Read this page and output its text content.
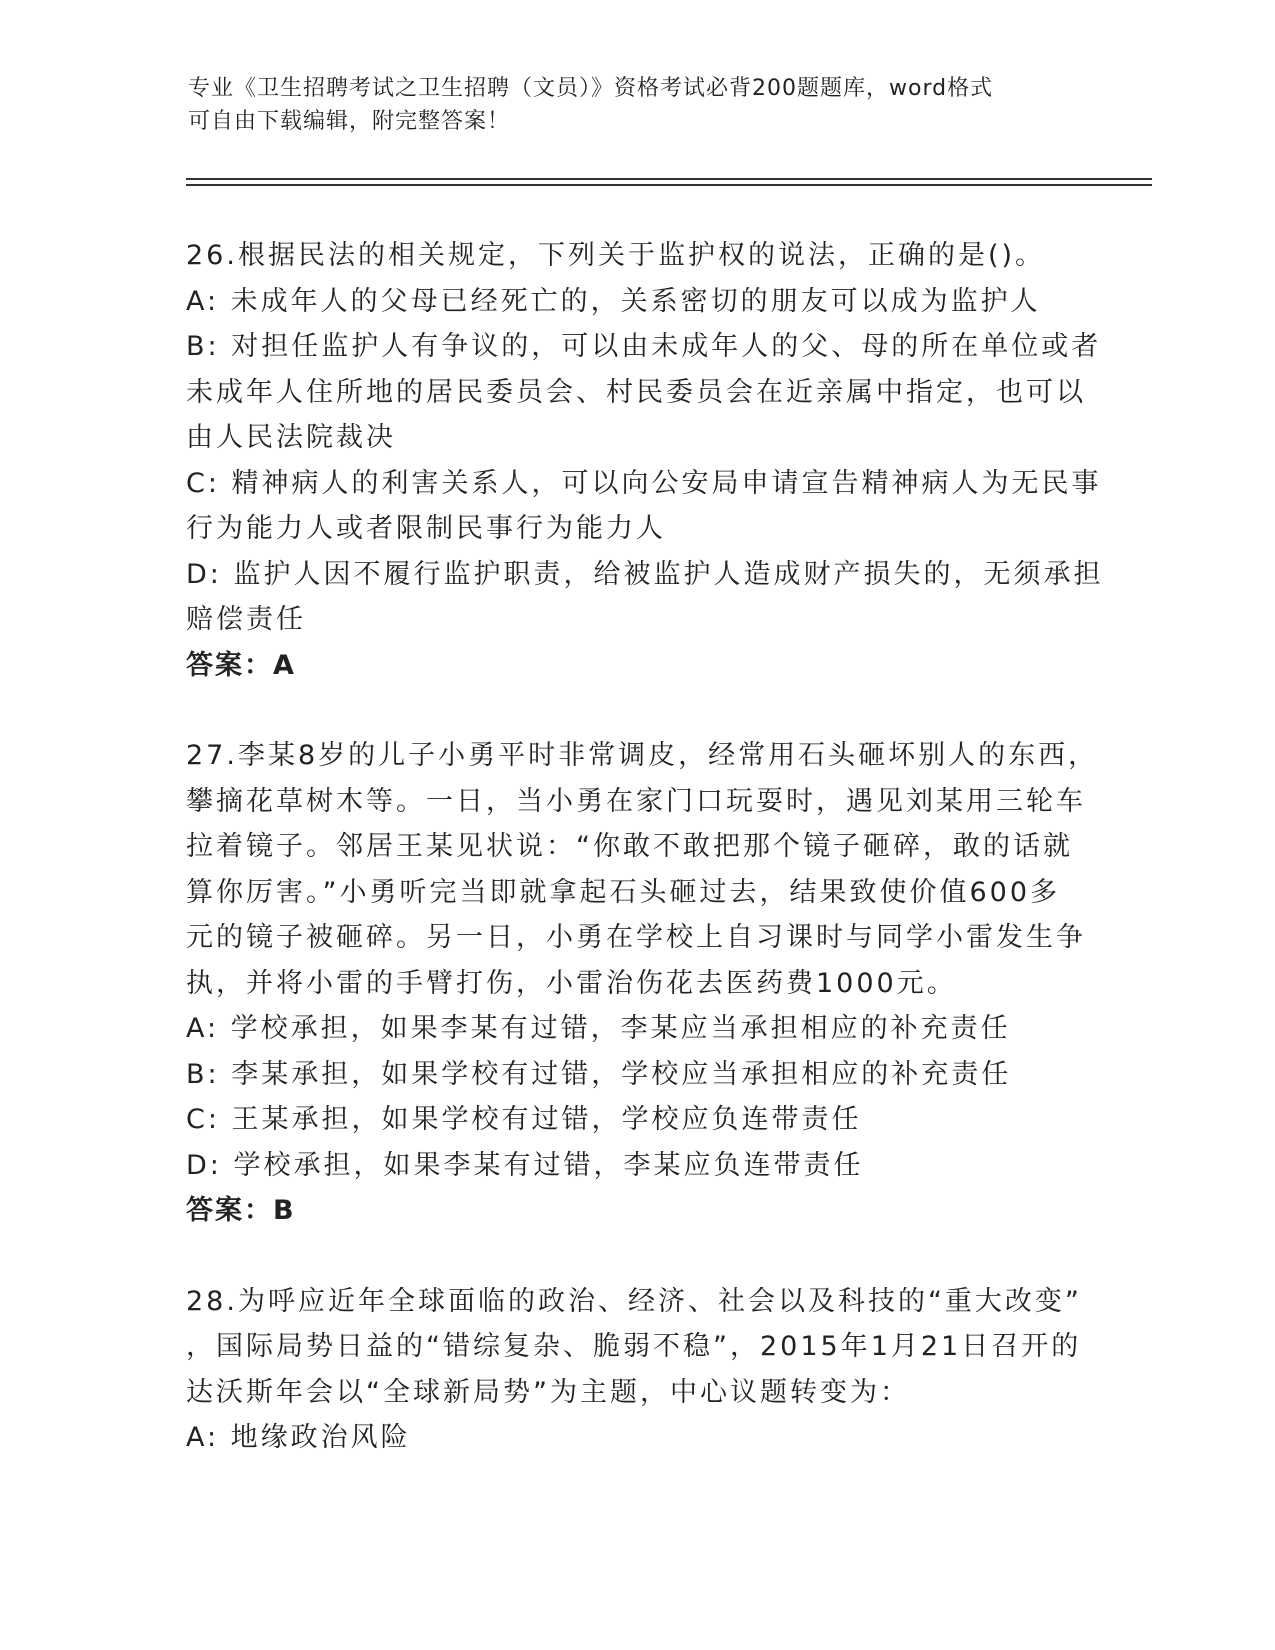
专业《卫生招聘考试之卫生招聘（文员）》资格考试必背200题题库，word格式
可自由下载编辑，附完整答案！
26.根据民法的相关规定，下列关于监护权的说法，正确的是()。
A: 未成年人的父母已经死亡的，关系密切的朋友可以成为监护人
B: 对担任监护人有争议的，可以由未成年人的父、母的所在单位或者
未成年人住所地的居民委员会、村民委员会在近亲属中指定，也可以
由人民法院裁决
C: 精神病人的利害关系人，可以向公安局申请宣告精神病人为无民事
行为能力人或者限制民事行为能力人
D: 监护人因不履行监护职责，给被监护人造成财产损失的，无须承担
赔偿责任
答案：A
27.李某8岁的儿子小勇平时非常调皮，经常用石头砸坏别人的东西，
攀摘花草树木等。一日，当小勇在家门口玩耍时，遇见刘某用三轮车
拉着镜子。邻居王某见状说：“你敢不敢把那个镜子砸碎，敢的话就
算你厉害。”小勇听完当即就拿起石头砸过去，结果致使价值600多
元的镜子被砸碎。另一日，小勇在学校上自习课时与同学小雷发生争
执，并将小雷的手臂打伤，小雷治伤花去医药费1000元。
A: 学校承担，如果李某有过错，李某应当承担相应的补充责任
B: 李某承担，如果学校有过错，学校应当承担相应的补充责任
C: 王某承担，如果学校有过错，学校应负连带责任
D: 学校承担，如果李某有过错，李某应负连带责任
答案：B
28.为呼应近年全球面临的政治、经济、社会以及科技的“重大改变”
，国际局势日益的“错综复杂、脆弱不稳”，2015年1月21日召开的
达沃斯年会以“全球新局势”为主题，中心议题转变为：
A: 地缘政治风险
